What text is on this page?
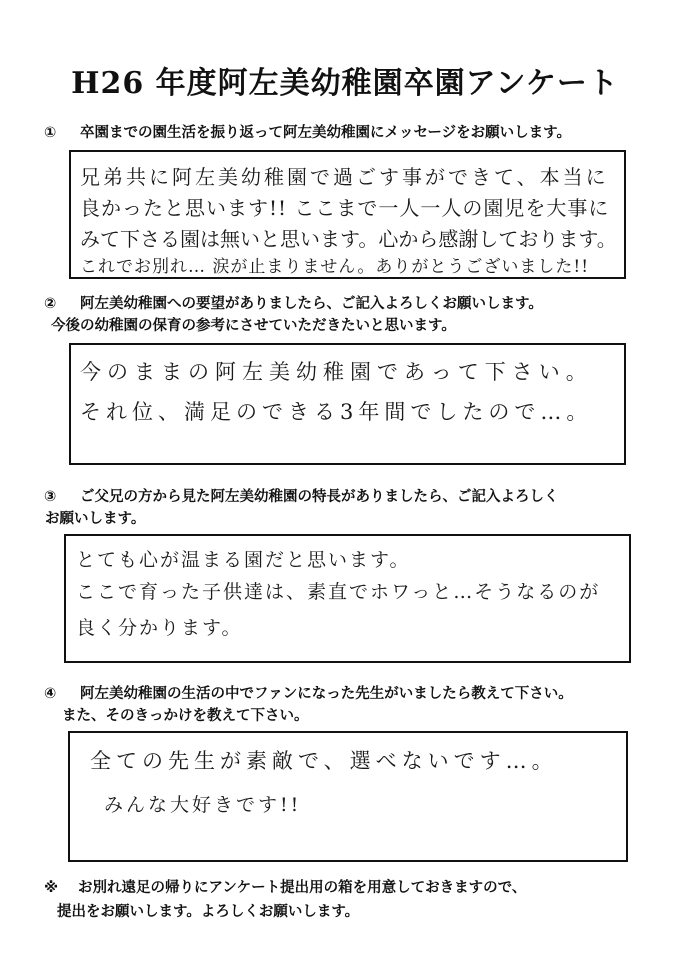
H26 年度阿左美幼稚園卒園アンケート
① 卒園までの園生活を振り返って阿左美幼稚園にメッセージをお願いします。
兄弟共に阿左美幼稚園で過ごす事ができて、本当に
良かったと思います!! ここまで一人一人の園児を大事に
みて下さる園は無いと思います。心から感謝しております。
これでお別れ… 涙が止まりません。ありがとうございました!!
② 阿左美幼稚園への要望がありましたら、ご記入よろしくお願いします。
今後の幼稚園の保育の参考にさせていただきたいと思います。
今のままの阿左美幼稚園であって下さい。
それ位、満足のできる3年間でしたので…。
③ ご父兄の方から見た阿左美幼稚園の特長がありましたら、ご記入よろしく
お願いします。
とても心が温まる園だと思います。
ここで育った子供達は、素直でホワっと…そうなるのが
良く分かります。
④ 阿左美幼稚園の生活の中でファンになった先生がいましたら教えて下さい。
また、そのきっかけを教えて下さい。
全ての先生が素敵で、選べないです…。
みんな大好きです!!
※ お別れ遠足の帰りにアンケート提出用の箱を用意しておきますので、
提出をお願いします。よろしくお願いします。
